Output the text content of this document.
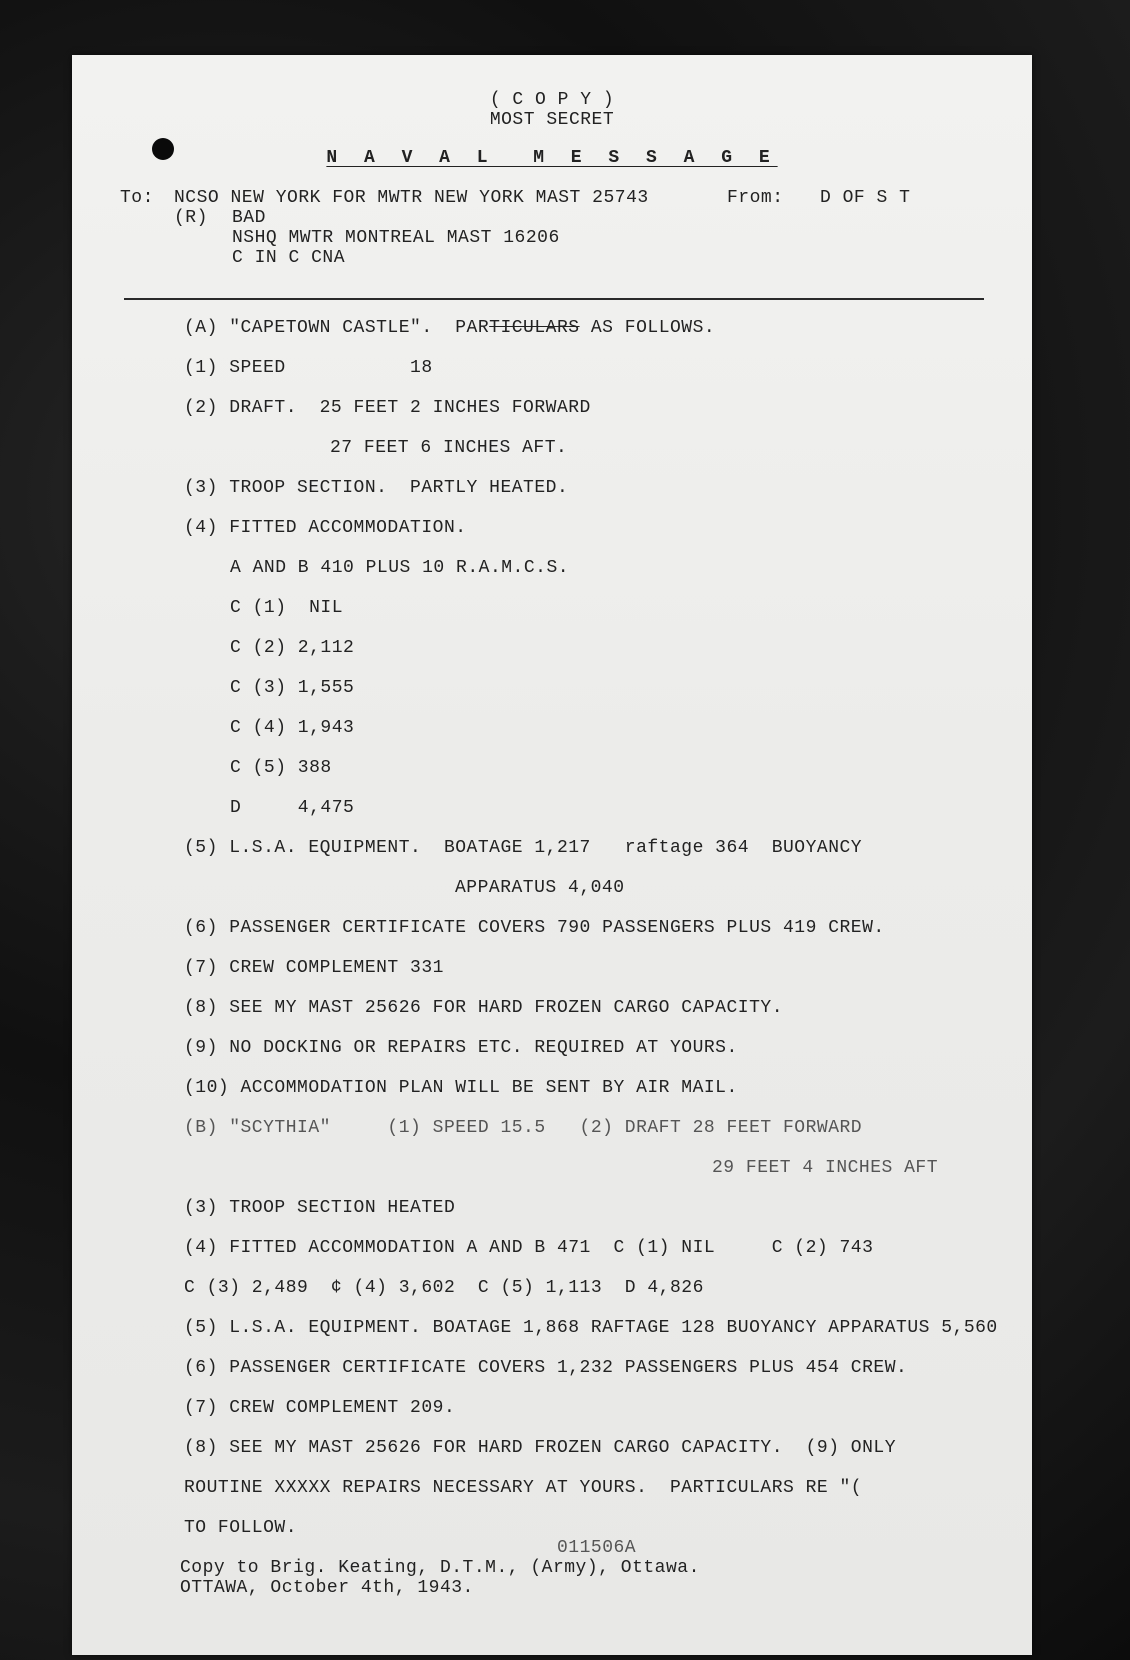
( C O P Y )
MOST SECRET
N A V A L  M E S S A G E
To: NCSO NEW YORK FOR MWTR NEW YORK MAST 25743	From: D OF S T
(R) BAD
NSHQ MWTR MONTREAL MAST 16206
C IN C CNA
(A) "CAPETOWN CASTLE".  PARTICULARS AS FOLLOWS.
(1) SPEED           18
(2) DRAFT.  25 FEET 2 INCHES FORWARD
27 FEET 6 INCHES AFT.
(3) TROOP SECTION.  PARTLY HEATED.
(4) FITTED ACCOMMODATION.
A AND B 410 PLUS 10 R.A.M.C.S.
C (1)  NIL
C (2) 2,112
C (3) 1,555
C (4) 1,943
C (5) 388
D     4,475
(5) L.S.A. EQUIPMENT.  BOATAGE 1,217   raftage 364  BUOYANCY
APPARATUS 4,040
(6) PASSENGER CERTIFICATE COVERS 790 PASSENGERS PLUS 419 CREW.
(7) CREW COMPLEMENT 331
(8) SEE MY MAST 25626 FOR HARD FROZEN CARGO CAPACITY.
(9) NO DOCKING OR REPAIRS ETC. REQUIRED AT YOURS.
(10) ACCOMMODATION PLAN WILL BE SENT BY AIR MAIL.
(B) "SCYTHIA"     (1) SPEED 15.5   (2) DRAFT 28 FEET FORWARD
29 FEET 4 INCHES AFT
(3) TROOP SECTION HEATED
(4) FITTED ACCOMMODATION A AND B 471  C (1) NIL     C (2) 743
C (3) 2,489  ¢ (4) 3,602  C (5) 1,113  D 4,826
(5) L.S.A. EQUIPMENT. BOATAGE 1,868 RAFTAGE 128 BUOYANCY APPARATUS 5,560
(6) PASSENGER CERTIFICATE COVERS 1,232 PASSENGERS PLUS 454 CREW.
(7) CREW COMPLEMENT 209.
(8) SEE MY MAST 25626 FOR HARD FROZEN CARGO CAPACITY.  (9) ONLY
ROUTINE XXXXX REPAIRS NECESSARY AT YOURS.  PARTICULARS RE "(
TO FOLLOW.
011506A
Copy to Brig. Keating, D.T.M., (Army), Ottawa.
OTTAWA, October 4th, 1943.
